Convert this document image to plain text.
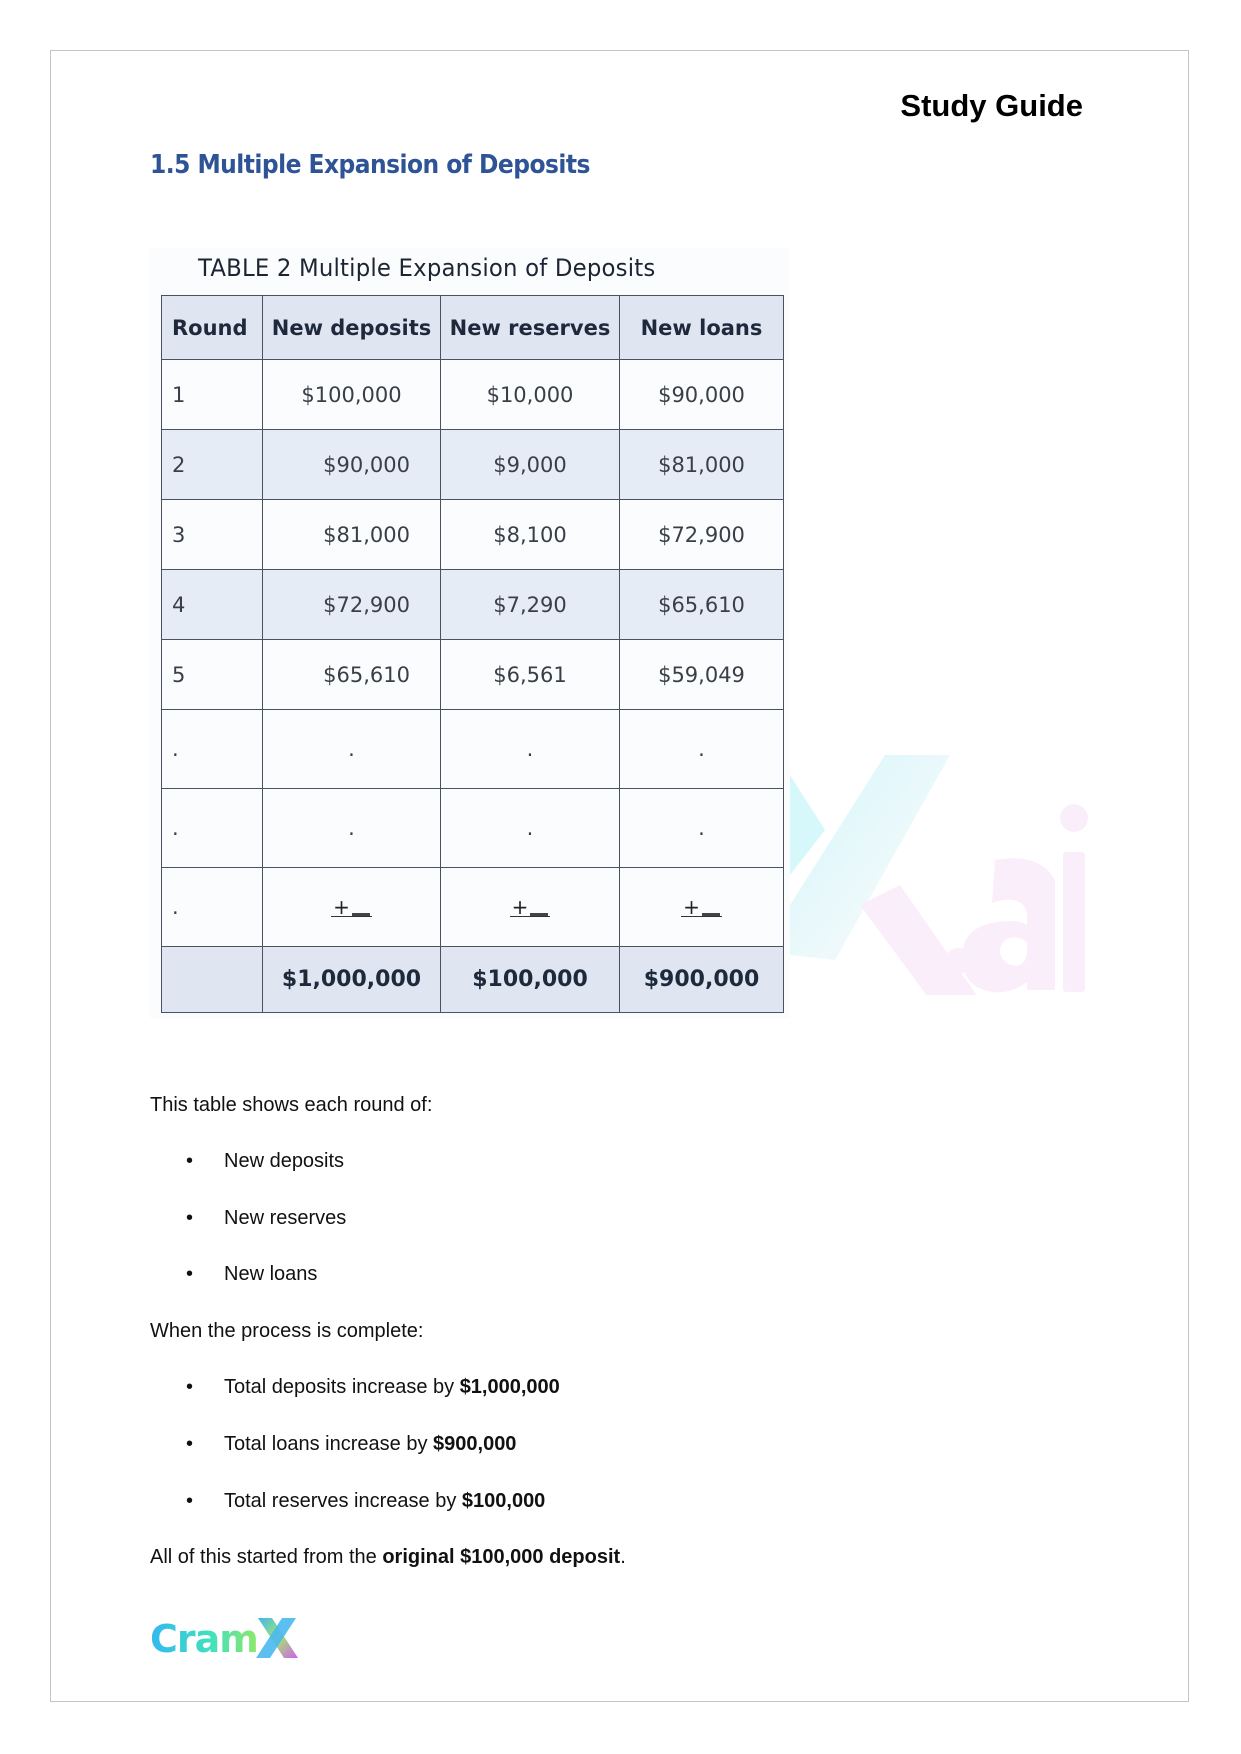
Study Guide
1.5 Multiple Expansion of Deposits
TABLE 2 Multiple Expansion of Deposits
Round	New deposits	New reserves	New loans
1	$100,000	$10,000	$90,000
2	$90,000	$9,000	$81,000
3	$81,000	$8,100	$72,900
4	$72,900	$7,290	$65,610
5	$65,610	$6,561	$59,049
.	.	.	.
.	.	.	.
.	+	+	+
	$1,000,000	$100,000	$900,000
This table shows each round of:
• New deposits
• New reserves
• New loans
When the process is complete:
• Total deposits increase by $1,000,000
• Total loans increase by $900,000
• Total reserves increase by $100,000
All of this started from the original $100,000 deposit.
Cram
